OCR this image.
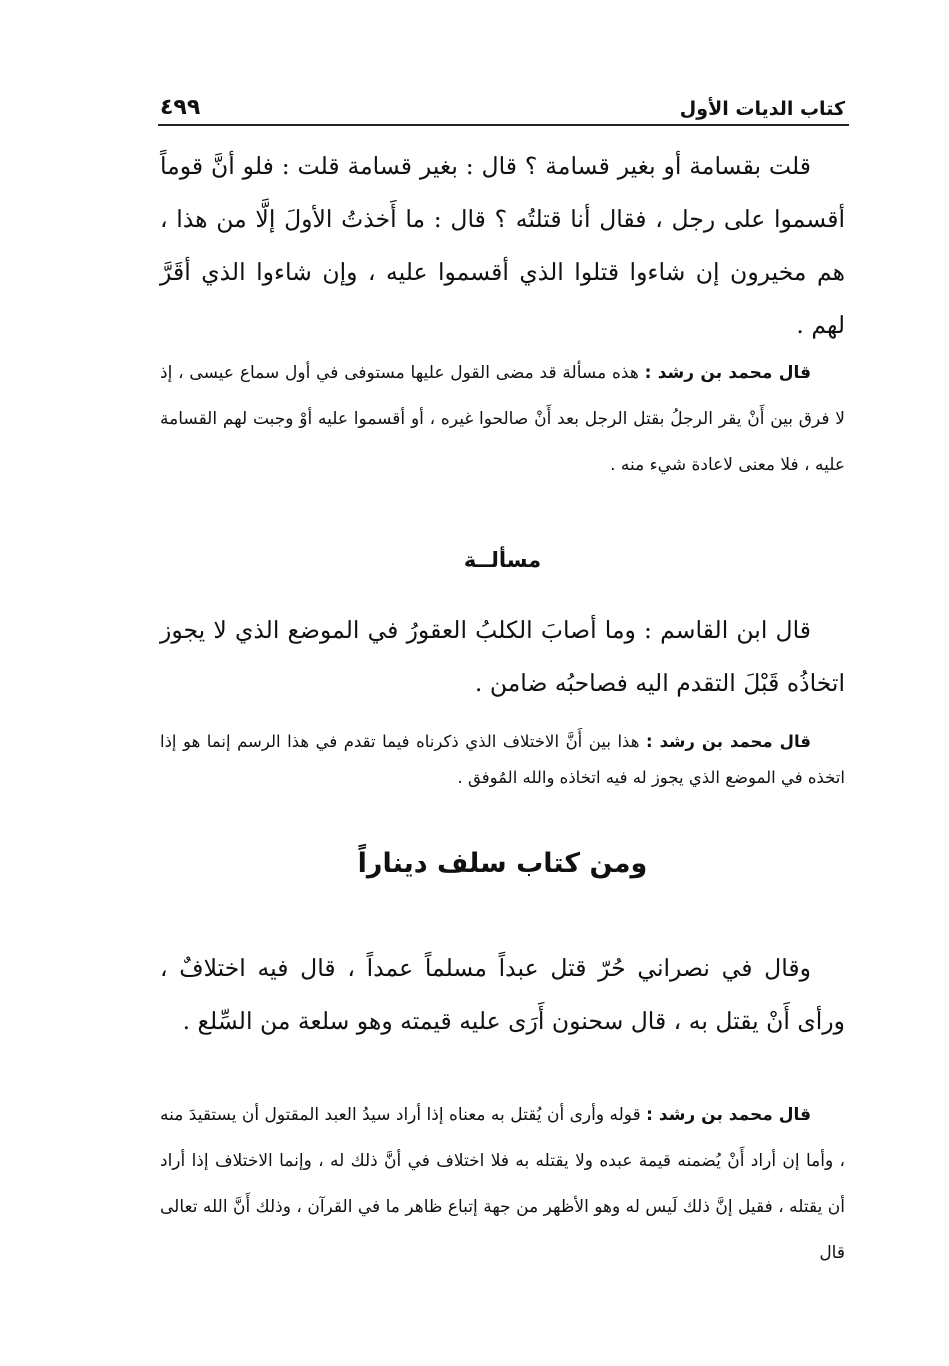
كتاب الديات الأول
٤٩٩

قلت بقسامة أو بغير قسامة ؟ قال : بغير قسامة قلت : فلو أنَّ قوماً أقسموا على رجل ، فقال أنا قتلتُه ؟ قال : ما أَخذتُ الأولَ إلَّا من هذا ، هم مخيرون إن شاءوا قتلوا الذي أقسموا عليه ، وإن شاءوا الذي أقَرَّ لهم .

قال محمد بن رشد : هذه مسألة قد مضى القول عليها مستوفى في أول سماع عيسى ، إذ لا فرق بين أَنْ يقر الرجلُ بقتل الرجل بعد أَنْ صالحوا غيره ، أو أقسموا عليه أوْ وجبت لهم القسامة عليه ، فلا معنى لاعادة شيء منه .

مسألــة

قال ابن القاسم : وما أصابَ الكلبُ العقورُ في الموضع الذي لا يجوز اتخاذُه قَبْلَ التقدم اليه فصاحبُه ضامن .

قال محمد بن رشد : هذا بين أَنَّ الاختلاف الذي ذكرناه فيما تقدم في هذا الرسم إنما هو إذا اتخذه في الموضع الذي يجوز له فيه اتخاذه والله المُوفق .

ومن كتاب سلف ديناراً

وقال في نصراني حُرّ قتل عبداً مسلماً عمداً ، قال فيه اختلافٌ ، ورأى أَنْ يقتل به ، قال سحنون أَرَى عليه قيمته وهو سلعة من السِّلع .

قال محمد بن رشد : قوله وأرى أن يُقتل به معناه إذا أراد سيدُ العبد المقتول أن يستقيدَ منه ، وأما إن أراد أَنْ يُضمنه قيمة عبده ولا يقتله به فلا اختلاف في أنَّ ذلك له ، وإنما الاختلاف إذا أراد أن يقتله ، فقيل إنَّ ذلك لَيس له وهو الأظهر من جهة إتباع ظاهر ما في القرآن ، وذلك أَنَّ الله تعالى قال
